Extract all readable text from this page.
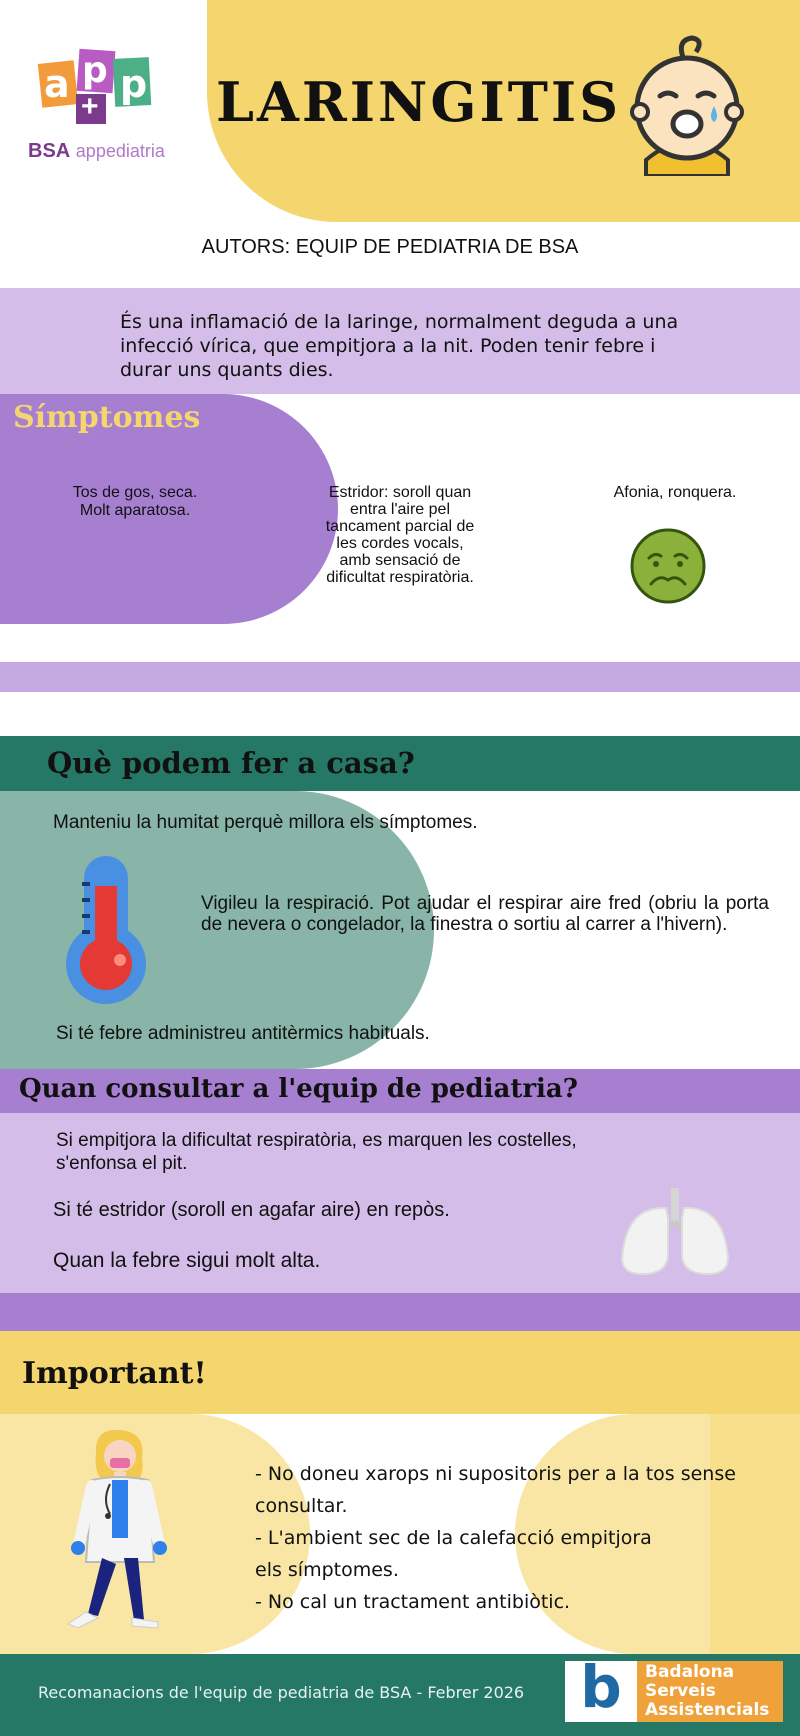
a p p
+
BSA appediatria
LARINGITIS
AUTORS: EQUIP DE PEDIATRIA DE BSA

És una inflamació de la laringe, normalment deguda a una infecció vírica, que empitjora a la nit. Poden tenir febre i durar uns quants dies.

Símptomes
Tos de gos, seca.
Molt aparatosa.
Estridor: soroll quan
entra l'aire pel
tancament parcial de
les cordes vocals,
amb sensació de
dificultat respiratòria.
Afonia, ronquera.
Què podem fer a casa?
Manteniu la humitat perquè millora els símptomes.

Vigileu la respiració. Pot ajudar el respirar aire fred (obriu la porta de nevera o congelador, la finestra o sortiu al carrer a l'hivern).

Si té febre administreu antitèrmics habituals.
Quan consultar a l'equip de pediatria?

Si empitjora la dificultat respiratòria, es marquen les costelles, s'enfonsa el pit.

Si té estridor (soroll en agafar aire) en repòs.
Quan la febre sigui molt alta.
Important!
- No doneu xarops ni supositoris per a la tos sense
consultar.
- L'ambient sec de la calefacció empitjora
els símptomes.
- No cal un tractament antibiòtic.
Recomanacions de l'equip de pediatria de BSA - Febrer 2026 b	Badalona
Serveis
Assistencials
